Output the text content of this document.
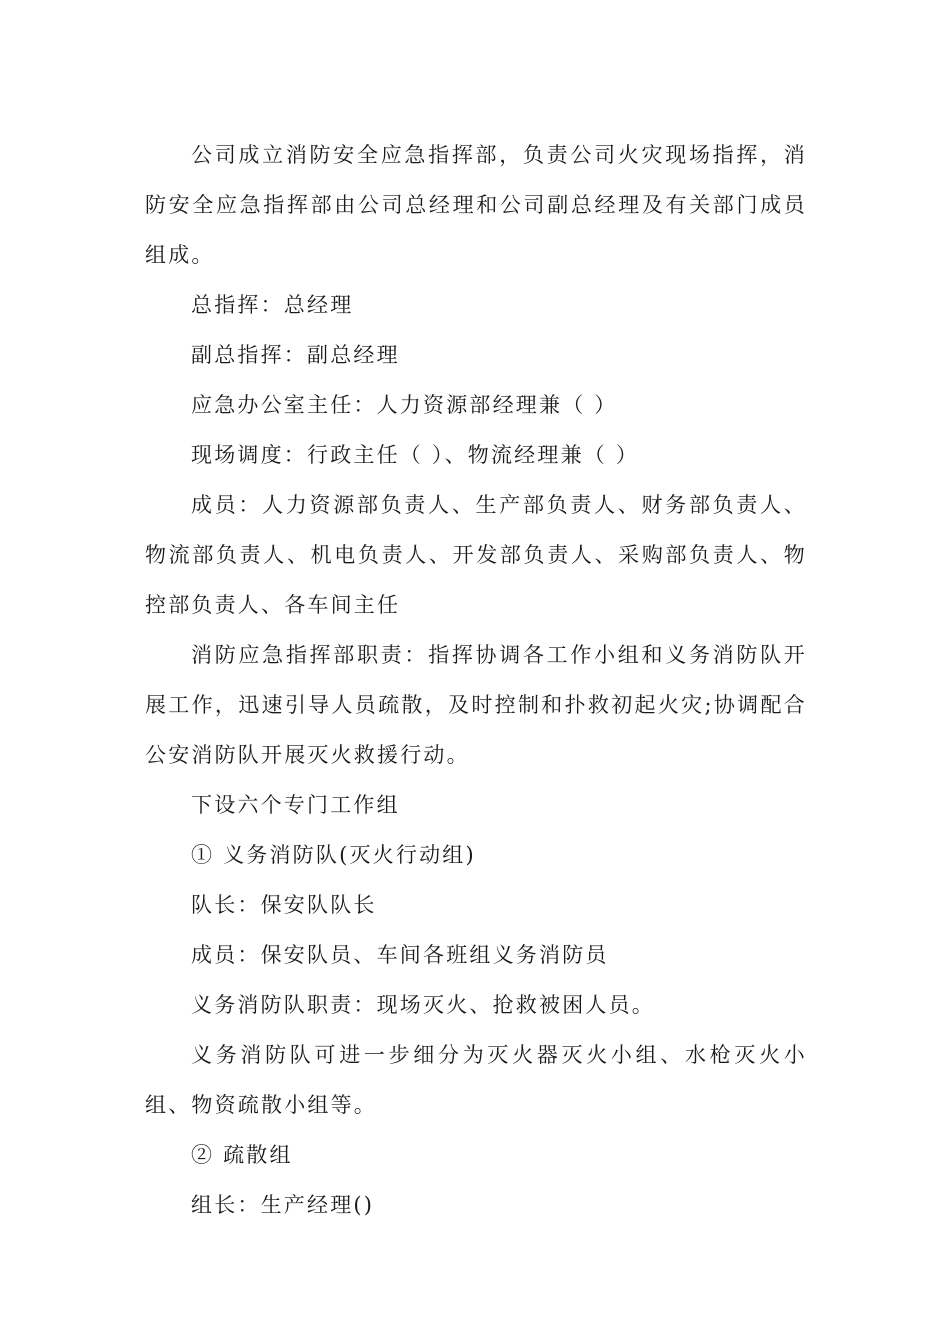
公司成立消防安全应急指挥部，负责公司火灾现场指挥，消防安全应急指挥部由公司总经理和公司副总经理及有关部门成员组成。

总指挥：总经理

副总指挥：副总经理

应急办公室主任：人力资源部经理兼（ ）

现场调度：行政主任（ ）、物流经理兼（ ）

成员：人力资源部负责人、生产部负责人、财务部负责人、物流部负责人、机电负责人、开发部负责人、采购部负责人、物控部负责人、各车间主任

消防应急指挥部职责：指挥协调各工作小组和义务消防队开展工作，迅速引导人员疏散，及时控制和扑救初起火灾;协调配合公安消防队开展灭火救援行动。

下设六个专门工作组

① 义务消防队(灭火行动组)

队长：保安队队长

成员：保安队员、车间各班组义务消防员

义务消防队职责：现场灭火、抢救被困人员。

义务消防队可进一步细分为灭火器灭火小组、水枪灭火小组、物资疏散小组等。

② 疏散组

组长：生产经理()
